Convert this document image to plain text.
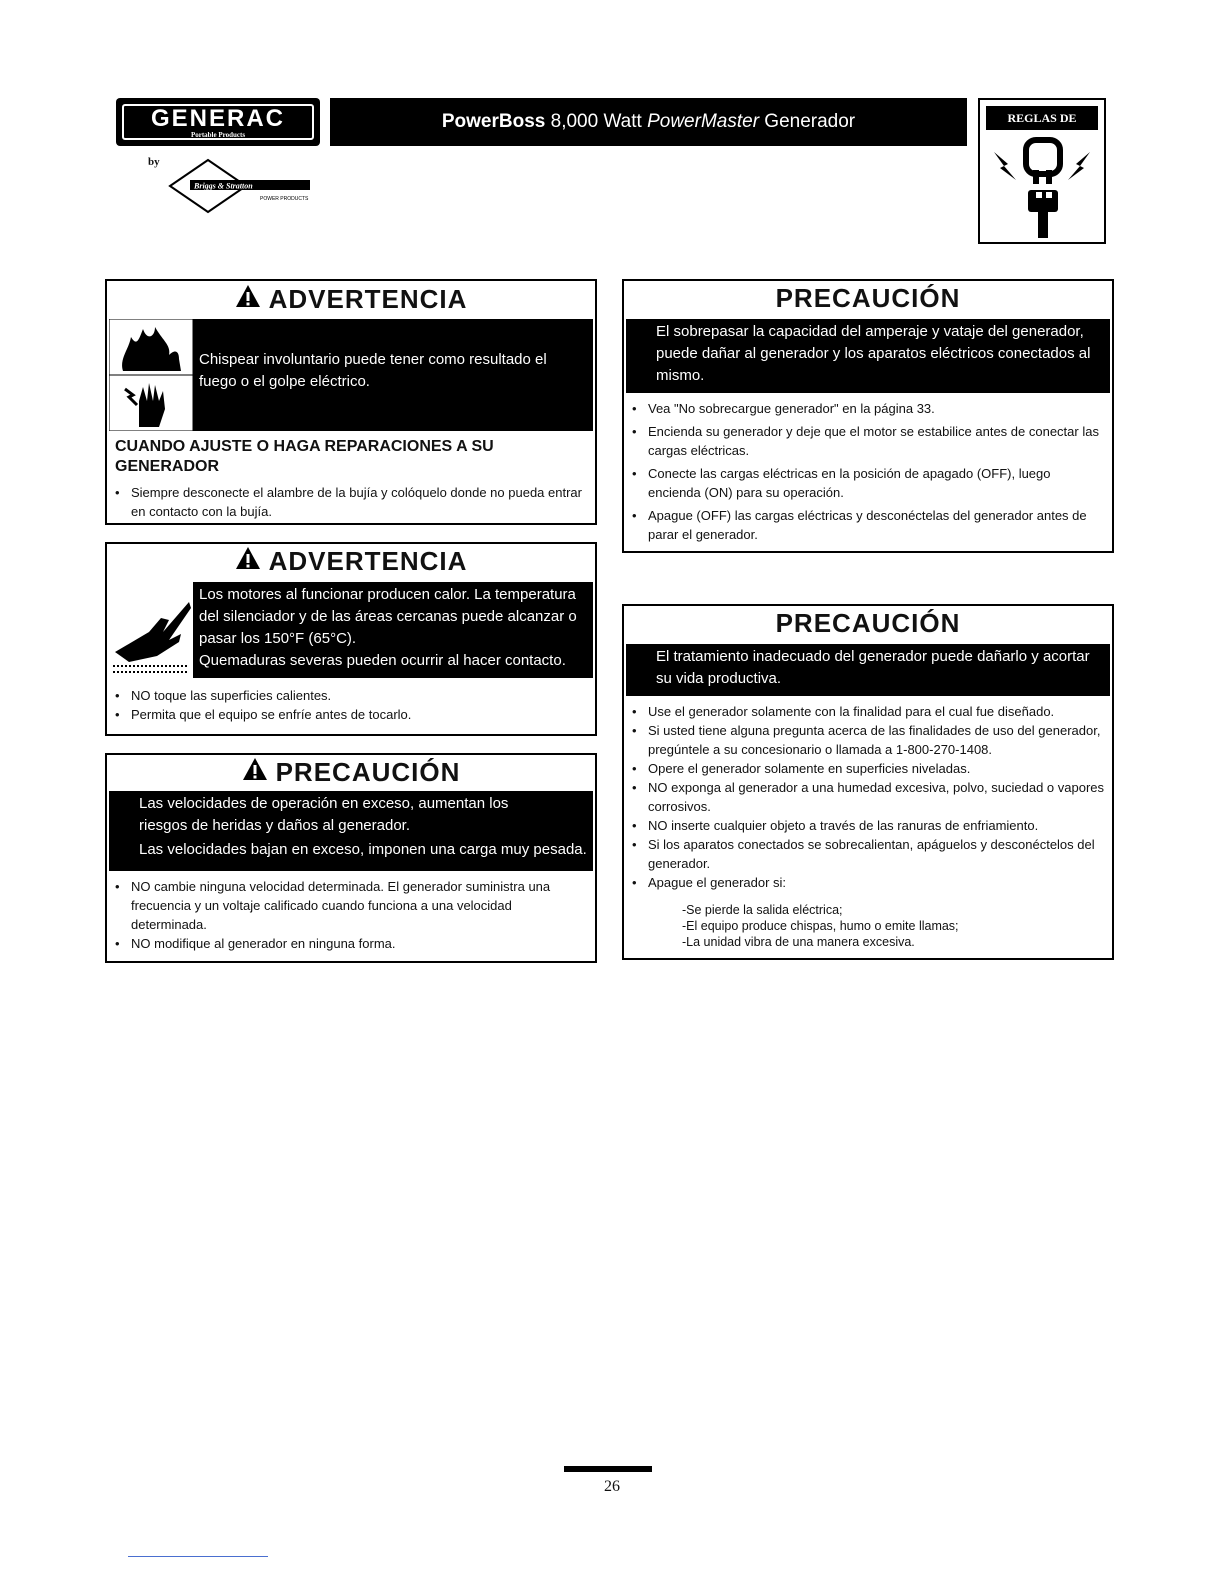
GENERAC
Portable Products
by
Briggs & Stratton
POWER PRODUCTS
PowerBoss 8,000 Watt PowerMaster Generador	REGLAS DE SEGURIDAD
ADVERTENCIA
Chispear involuntario puede tener como resultado el fuego o el golpe eléctrico.
CUANDO AJUSTE O HAGA REPARACIONES A SU GENERADOR
• Siempre desconecte el alambre de la bujía y colóquelo donde no pueda entrar en contacto con la bujía.
ADVERTENCIA
Los motores al funcionar producen calor. La temperatura del silenciador y de las áreas cercanas puede alcanzar o pasar los 150°F (65°C).
Quemaduras severas pueden ocurrir al hacer contacto.
• NO toque las superficies calientes.
• Permita que el equipo se enfríe antes de tocarlo.
PRECAUCIÓN
Las velocidades de operación en exceso, aumentan los riesgos de heridas y daños al generador.
Las velocidades bajan en exceso, imponen una carga muy pesada.
• NO cambie ninguna velocidad determinada. El generador suministra una frecuencia y un voltaje calificado cuando funciona a una velocidad determinada.
• NO modifique al generador en ninguna forma.
PRECAUCIÓN
El sobrepasar la capacidad del amperaje y vataje del generador, puede dañar al generador y los aparatos eléctricos conectados al mismo.
• Vea "No sobrecargue generador" en la página 33.
• Encienda su generador y deje que el motor se estabilice antes de conectar las cargas eléctricas.
• Conecte las cargas eléctricas en la posición de apagado (OFF), luego encienda (ON) para su operación.
• Apague (OFF) las cargas eléctricas y desconéctelas del generador antes de parar el generador.
PRECAUCIÓN
El tratamiento inadecuado del generador puede dañarlo y acortar su vida productiva.
• Use el generador solamente con la finalidad para el cual fue diseñado.
• Si usted tiene alguna pregunta acerca de las finalidades de uso del generador, pregúntele a su concesionario o llamada a 1-800-270-1408.
• Opere el generador solamente en superficies niveladas.
• NO exponga al generador a una humedad excesiva, polvo, suciedad o vapores corrosivos.
• NO inserte cualquier objeto a través de las ranuras de enfriamiento.
• Si los aparatos conectados se sobrecalientan, apáguelos y desconéctelos del generador.
• Apague el generador si:
-Se pierde la salida eléctrica;
-El equipo produce chispas, humo o emite llamas;
-La unidad vibra de una manera excesiva.
26
